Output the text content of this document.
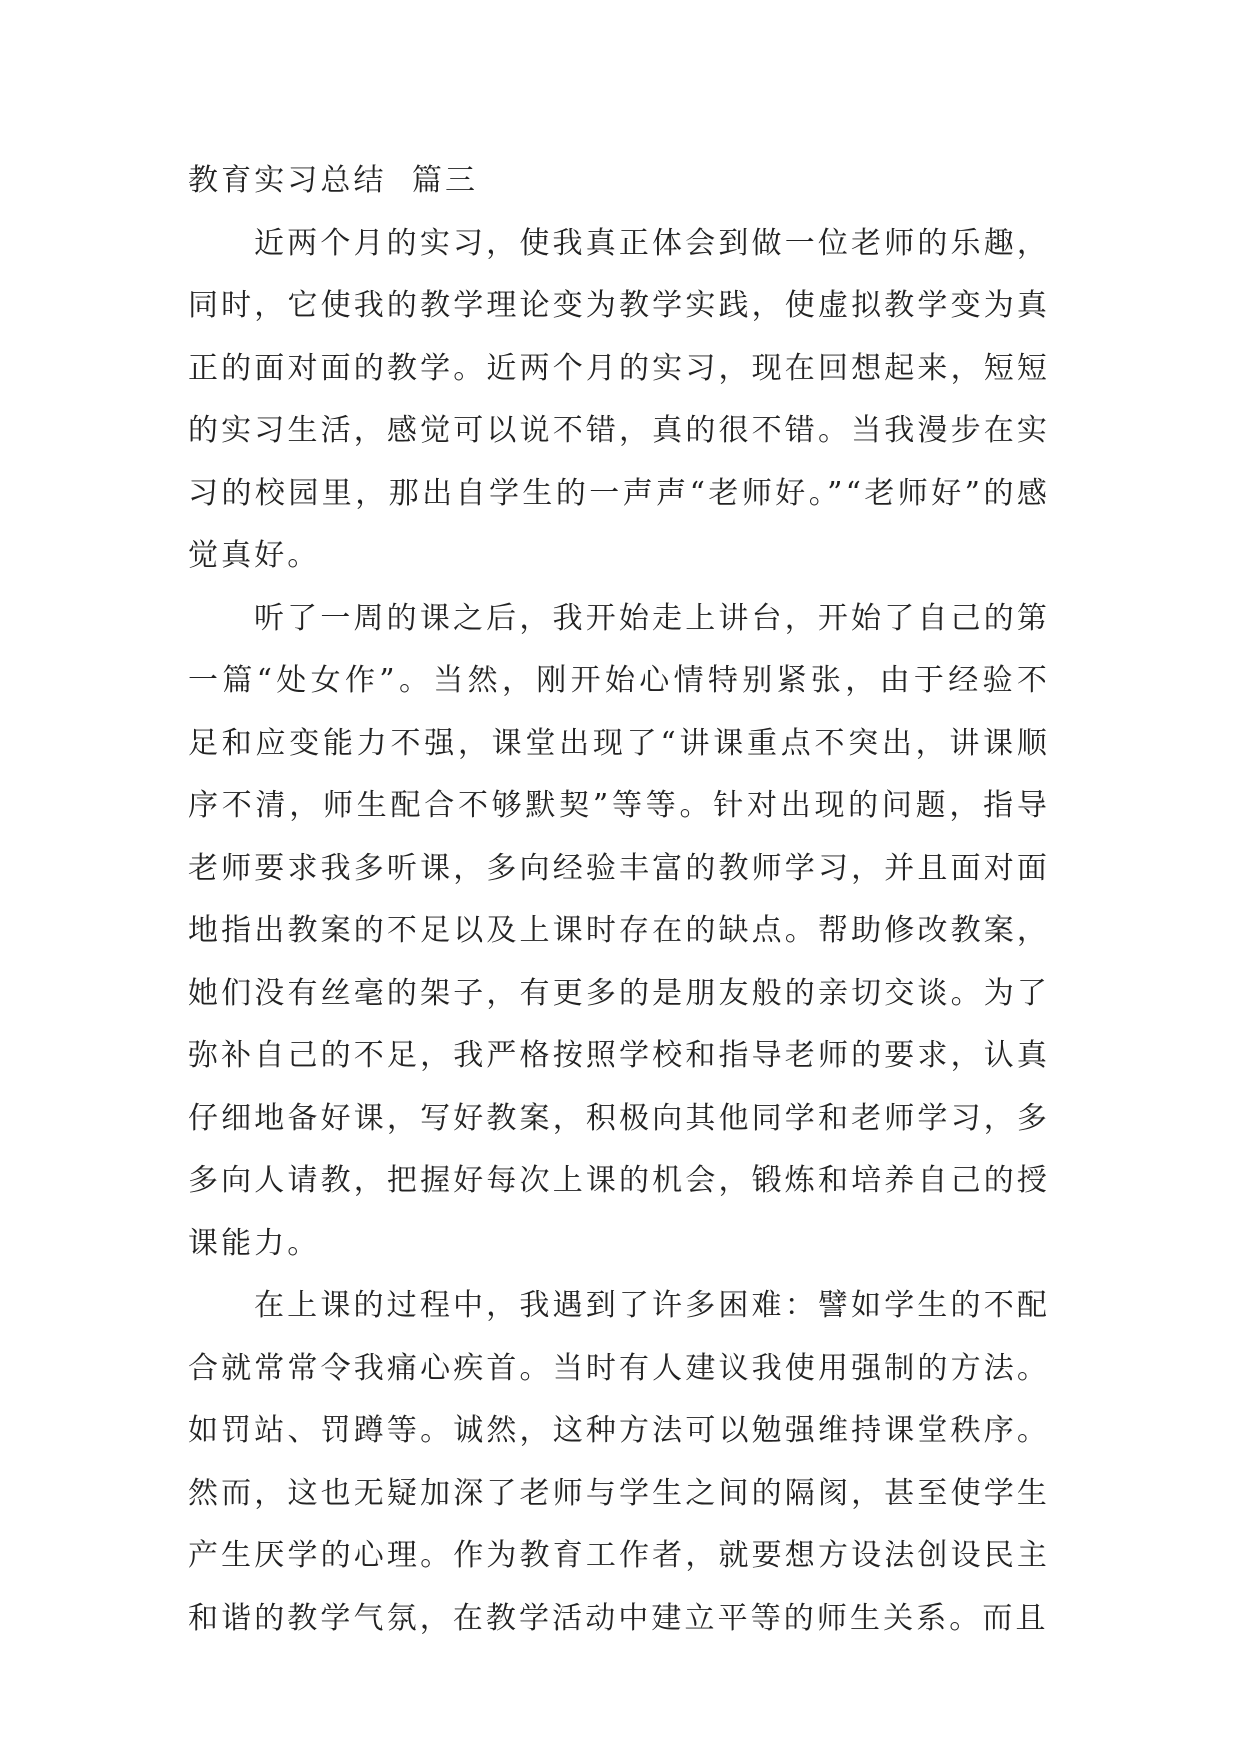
教育实习总结  篇三

近两个月的实习，使我真正体会到做一位老师的乐趣，同时，它使我的教学理论变为教学实践，使虚拟教学变为真正的面对面的教学。近两个月的实习，现在回想起来，短短的实习生活，感觉可以说不错，真的很不错。当我漫步在实习的校园里，那出自学生的一声声“老师好。”“老师好”的感觉真好。

听了一周的课之后，我开始走上讲台，开始了自己的第一篇“处女作”。当然，刚开始心情特别紧张，由于经验不足和应变能力不强，课堂出现了“讲课重点不突出，讲课顺序不清，师生配合不够默契”等等。针对出现的问题，指导老师要求我多听课，多向经验丰富的教师学习，并且面对面地指出教案的不足以及上课时存在的缺点。帮助修改教案，她们没有丝毫的架子，有更多的是朋友般的亲切交谈。为了弥补自己的不足，我严格按照学校和指导老师的要求，认真仔细地备好课，写好教案，积极向其他同学和老师学习，多多向人请教，把握好每次上课的机会，锻炼和培养自己的授课能力。

在上课的过程中，我遇到了许多困难：譬如学生的不配合就常常令我痛心疾首。当时有人建议我使用强制的方法。如罚站、罚蹲等。诚然，这种方法可以勉强维持课堂秩序。然而，这也无疑加深了老师与学生之间的隔阂，甚至使学生产生厌学的心理。作为教育工作者，就要想方设法创设民主和谐的教学气氛，在教学活动中建立平等的师生关系。而且
